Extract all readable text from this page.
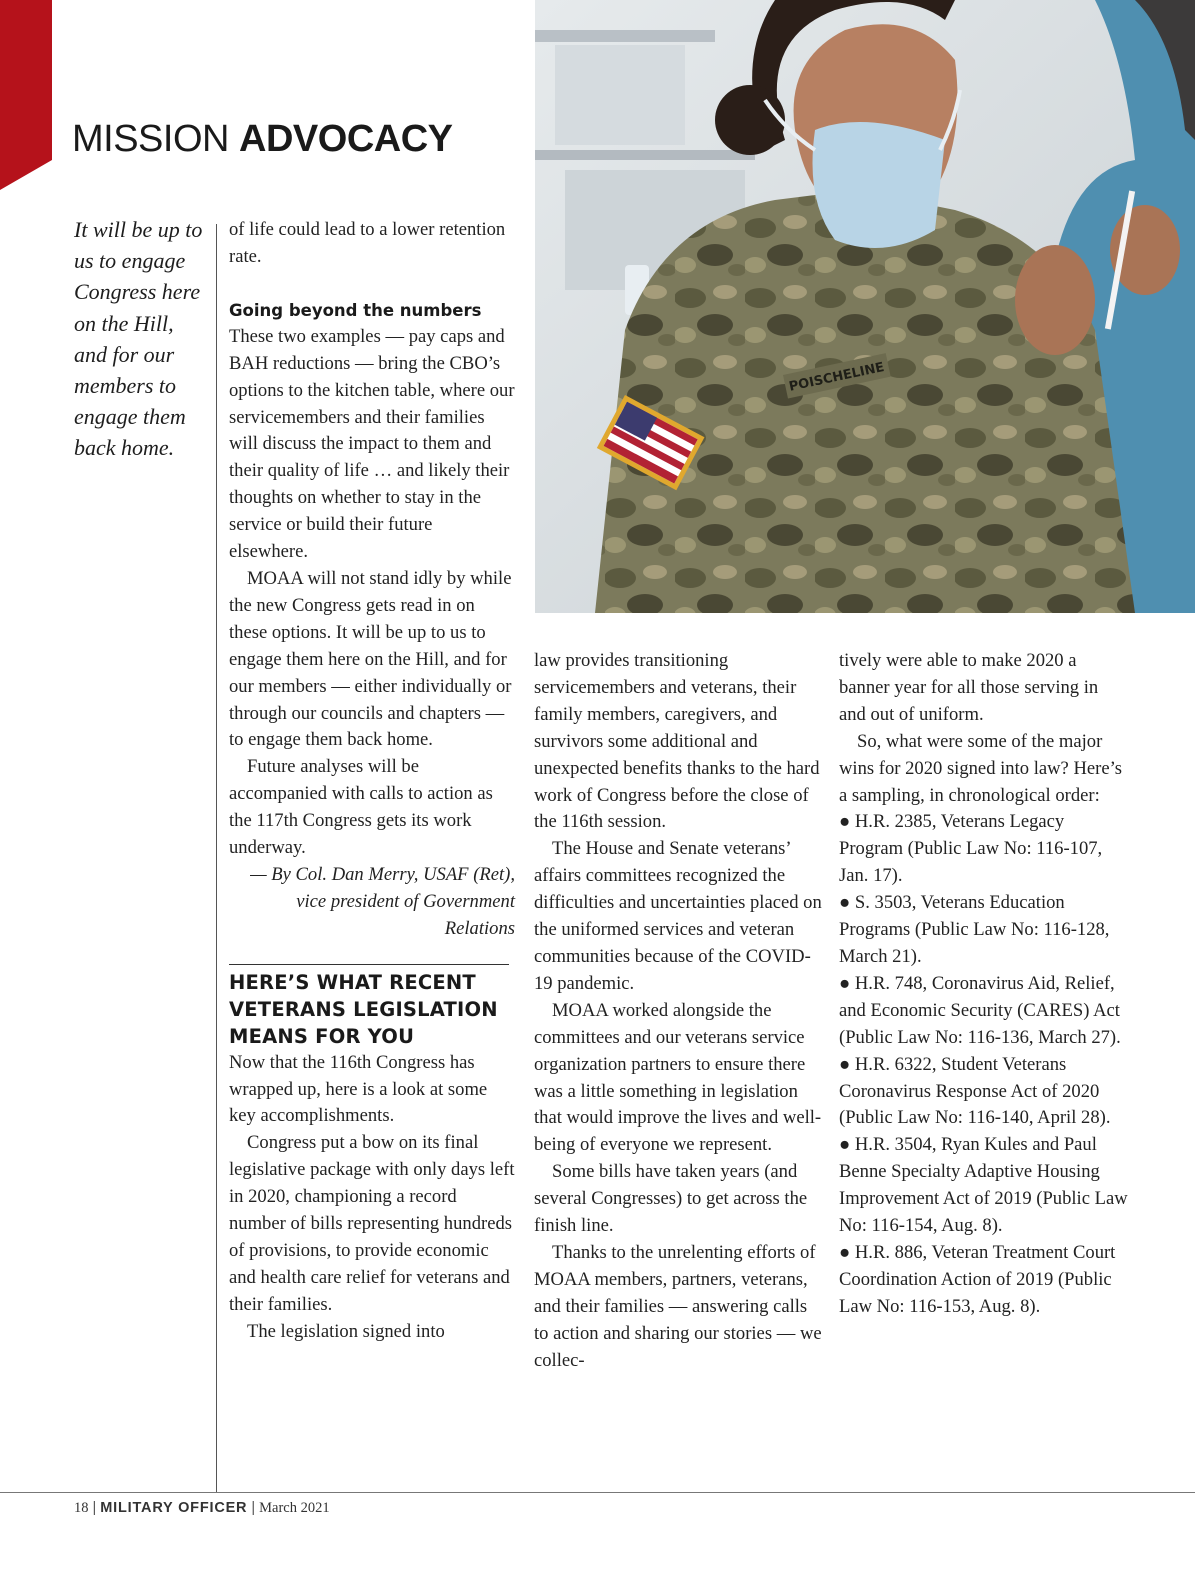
MISSION ADVOCACY
It will be up to us to engage Congress here on the Hill, and for our members to engage them back home.

of life could lead to a lower retention rate.

Going beyond the numbers

These two examples — pay caps and BAH reductions — bring the CBO’s options to the kitchen table, where our servicemembers and their families will discuss the impact to them and their quality of life … and likely their thoughts on whether to stay in the service or build their future elsewhere.

MOAA will not stand idly by while the new Congress gets read in on these options. It will be up to us to engage them here on the Hill, and for our members — either individually or through our councils and chapters — to engage them back home.

Future analyses will be accompanied with calls to action as the 117th Congress gets its work underway.

— By Col. Dan Merry, USAF (Ret), vice president of Government Relations

HERE’S WHAT RECENT VETERANS LEGISLATION MEANS FOR YOU

Now that the 116th Congress has wrapped up, here is a look at some key accomplishments.

Congress put a bow on its final legislative package with only days left in 2020, championing a record number of bills representing hundreds of provisions, to provide economic and health care relief for veterans and their families.

The legislation signed into

POISCHELINE

law provides transitioning servicemembers and veterans, their family members, caregivers, and survivors some additional and unexpected benefits thanks to the hard work of Congress before the close of the 116th session.

The House and Senate veterans’ affairs committees recognized the difficulties and uncertainties placed on the uniformed services and veteran communities because of the COVID-19 pandemic.

MOAA worked alongside the committees and our veterans service organization partners to ensure there was a little something in legislation that would improve the lives and well-being of everyone we represent.

Some bills have taken years (and several Congresses) to get across the finish line.

Thanks to the unrelenting efforts of MOAA members, partners, veterans, and their families — answering calls to action and sharing our stories — we collec-

tively were able to make 2020 a banner year for all those serving in and out of uniform.

So, what were some of the major wins for 2020 signed into law? Here’s a sampling, in chronological order:

● H.R. 2385, Veterans Legacy Program (Public Law No: 116-107, Jan. 17).

● S. 3503, Veterans Education Programs (Public Law No: 116-128, March 21).

● H.R. 748, Coronavirus Aid, Relief, and Economic Security (CARES) Act (Public Law No: 116-136, March 27).

● H.R. 6322, Student Veterans Coronavirus Response Act of 2020 (Public Law No: 116-140, April 28).

● H.R. 3504, Ryan Kules and Paul Benne Specialty Adaptive Housing Improvement Act of 2019 (Public Law No: 116-154, Aug. 8).

● H.R. 886, Veteran Treatment Court Coordination Action of 2019 (Public Law No: 116-153, Aug. 8).

18 | MILITARY OFFICER | March 2021
